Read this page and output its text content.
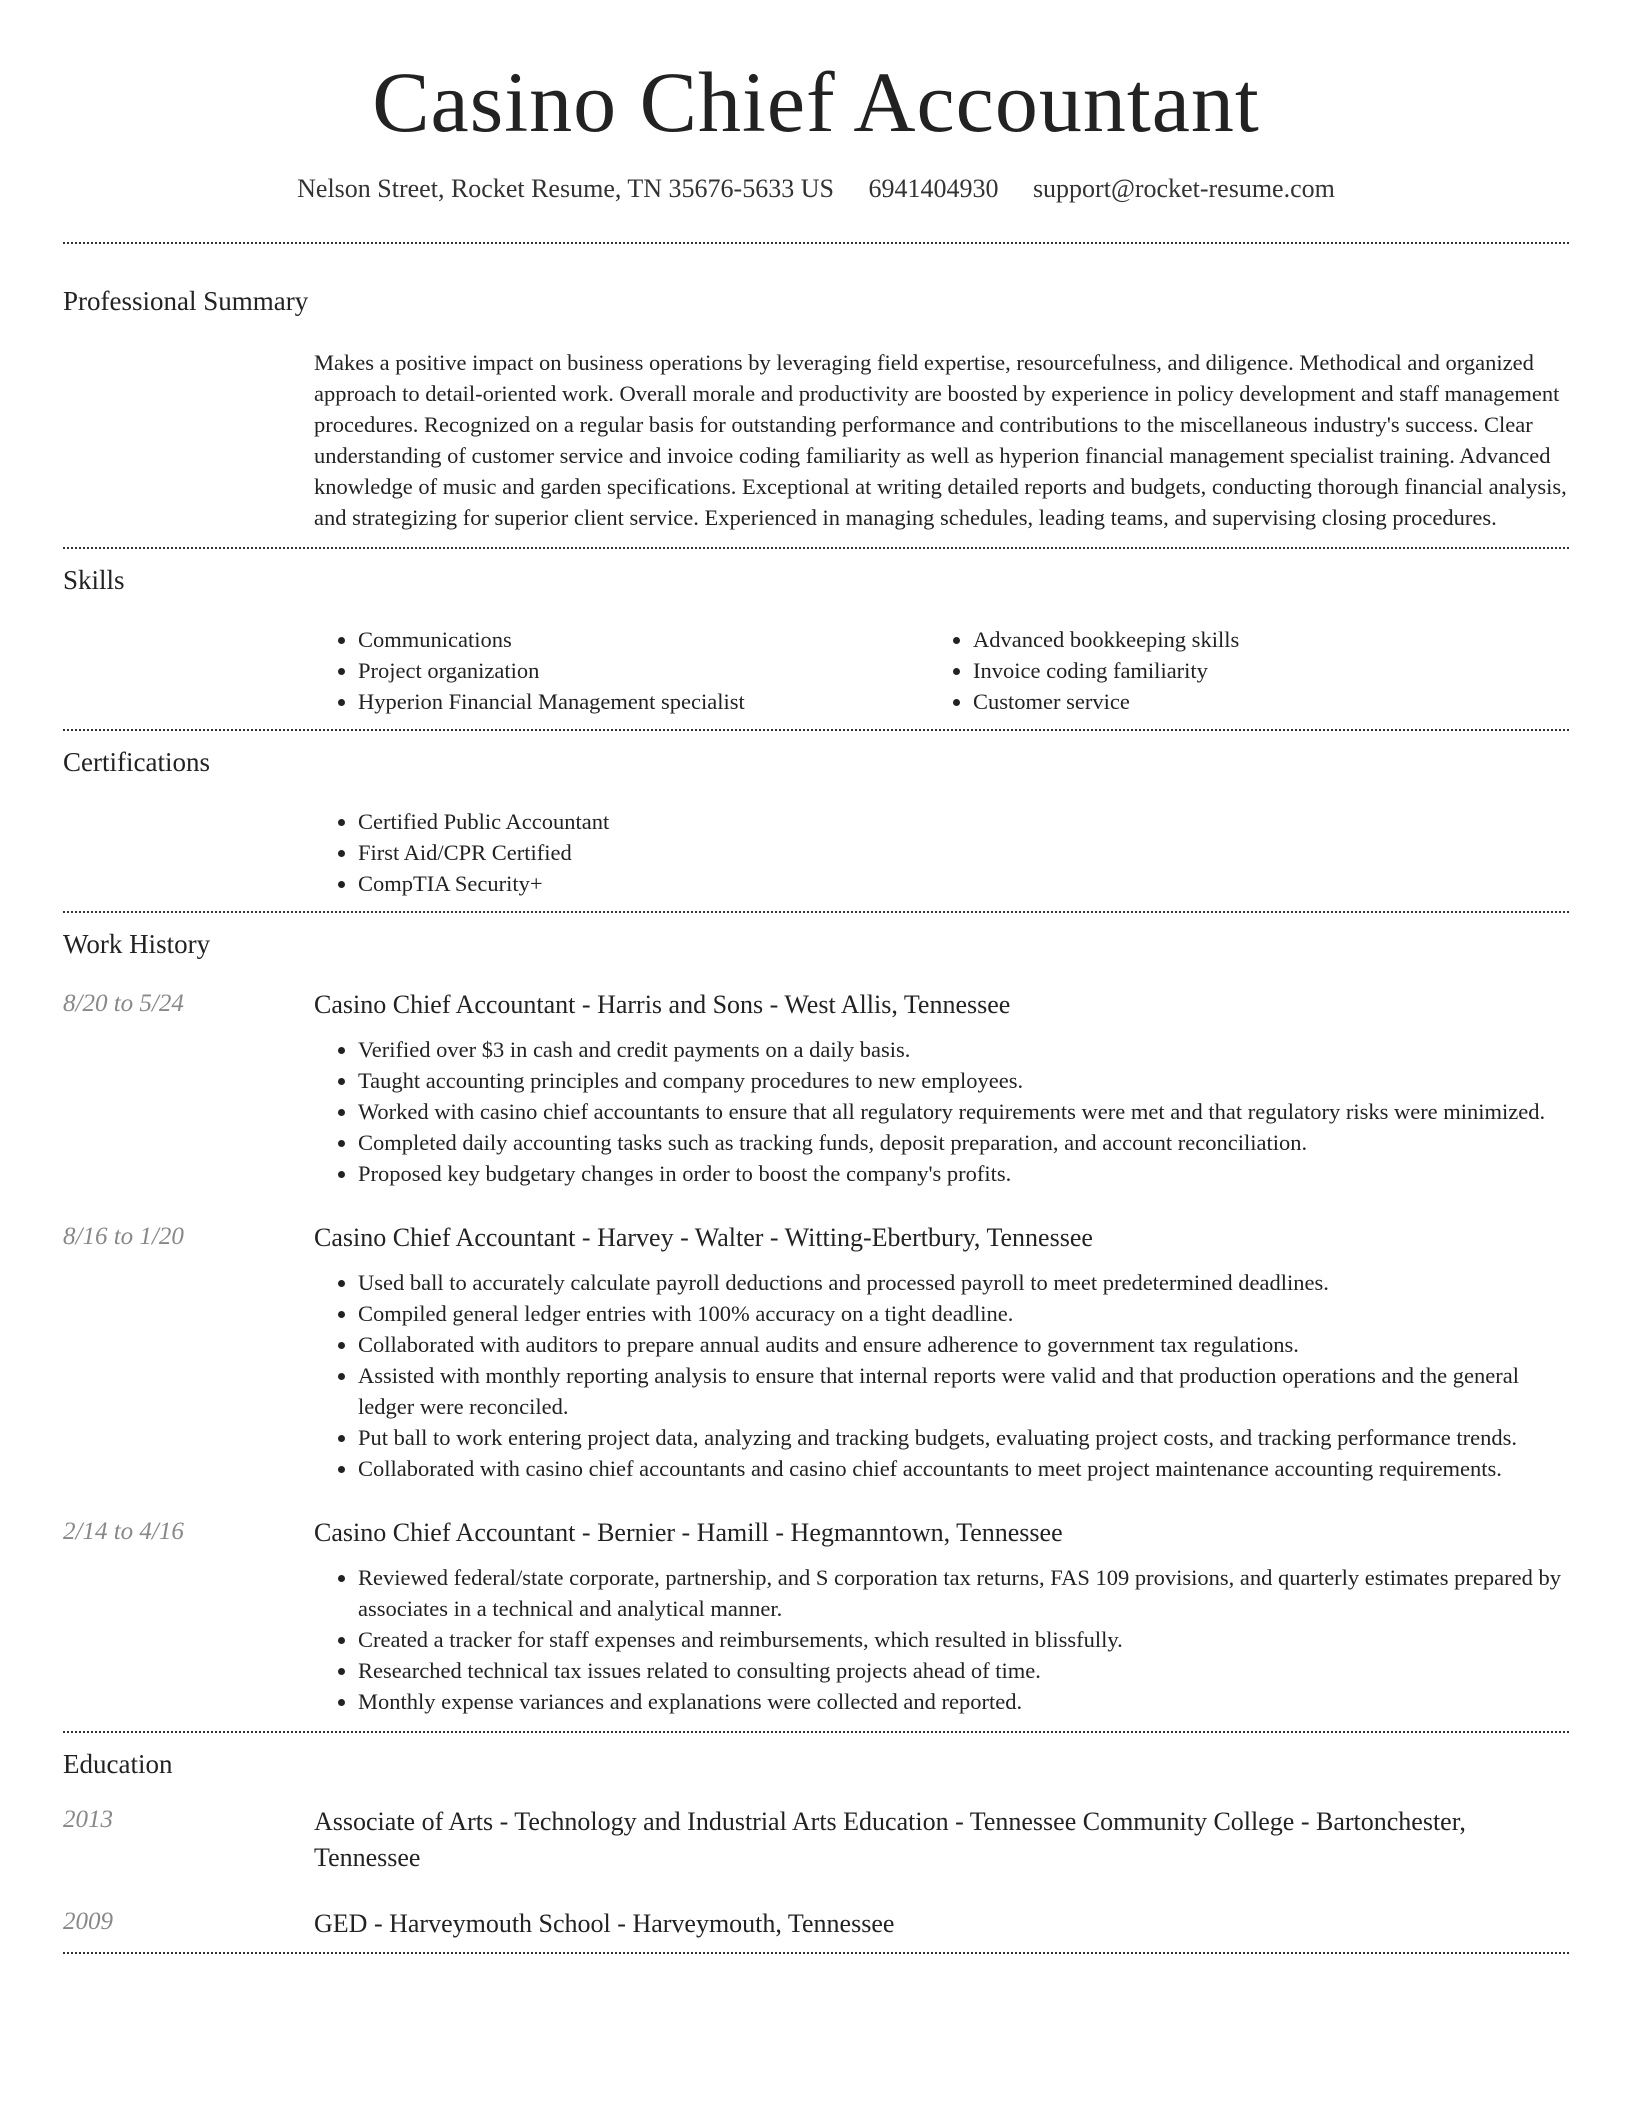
Casino Chief Accountant
Nelson Street, Rocket Resume, TN 35676-5633 US 6941404930 support@rocket-resume.com
Professional Summary

Makes a positive impact on business operations by leveraging field expertise, resourcefulness, and diligence. Methodical and organized approach to detail-oriented work. Overall morale and productivity are boosted by experience in policy development and staff management procedures. Recognized on a regular basis for outstanding performance and contributions to the miscellaneous industry's success. Clear understanding of customer service and invoice coding familiarity as well as hyperion financial management specialist training. Advanced knowledge of music and garden specifications. Exceptional at writing detailed reports and budgets, conducting thorough financial analysis, and strategizing for superior client service. Experienced in managing schedules, leading teams, and supervising closing procedures.

Skills
• Communications
• Project organization
• Hyperion Financial Management specialist
• Advanced bookkeeping skills
• Invoice coding familiarity
• Customer service
Certifications
• Certified Public Accountant
• First Aid/CPR Certified
• CompTIA Security+
Work History
8/20 to 5/24	Casino Chief Accountant - Harris and Sons - West Allis, Tennessee
• Verified over $3 in cash and credit payments on a daily basis.
• Taught accounting principles and company procedures to new employees.
• Worked with casino chief accountants to ensure that all regulatory requirements were met and that regulatory risks were minimized.
• Completed daily accounting tasks such as tracking funds, deposit preparation, and account reconciliation.
• Proposed key budgetary changes in order to boost the company's profits.
8/16 to 1/20	Casino Chief Accountant - Harvey - Walter - Witting-Ebertbury, Tennessee
• Used ball to accurately calculate payroll deductions and processed payroll to meet predetermined deadlines.
• Compiled general ledger entries with 100% accuracy on a tight deadline.
• Collaborated with auditors to prepare annual audits and ensure adherence to government tax regulations.
• Assisted with monthly reporting analysis to ensure that internal reports were valid and that production operations and the general ledger were reconciled.
• Put ball to work entering project data, analyzing and tracking budgets, evaluating project costs, and tracking performance trends.
• Collaborated with casino chief accountants and casino chief accountants to meet project maintenance accounting requirements.
2/14 to 4/16	Casino Chief Accountant - Bernier - Hamill - Hegmanntown, Tennessee
• Reviewed federal/state corporate, partnership, and S corporation tax returns, FAS 109 provisions, and quarterly estimates prepared by associates in a technical and analytical manner.
• Created a tracker for staff expenses and reimbursements, which resulted in blissfully.
• Researched technical tax issues related to consulting projects ahead of time.
• Monthly expense variances and explanations were collected and reported.
Education
2013	Associate of Arts - Technology and Industrial Arts Education - Tennessee Community College - Bartonchester, Tennessee
2009	GED - Harveymouth School - Harveymouth, Tennessee
